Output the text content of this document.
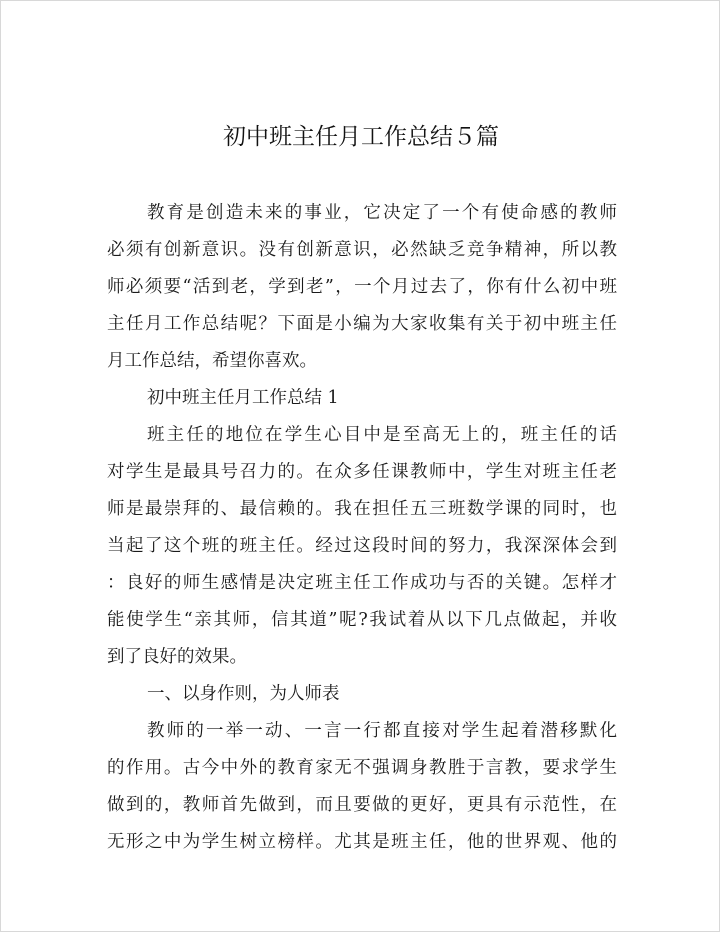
初中班主任月工作总结５篇
教育是创造未来的事业，它决定了一个有使命感的教师
必须有创新意识。没有创新意识，必然缺乏竞争精神，所以教
师必须要“活到老，学到老”，一个月过去了，你有什么初中班
主任月工作总结呢？下面是小编为大家收集有关于初中班主任
月工作总结，希望你喜欢。
初中班主任月工作总结 1
班主任的地位在学生心目中是至高无上的，班主任的话
对学生是最具号召力的。在众多任课教师中，学生对班主任老
师是最崇拜的、最信赖的。我在担任五三班数学课的同时，也
当起了这个班的班主任。经过这段时间的努力，我深深体会到
：良好的师生感情是决定班主任工作成功与否的关键。怎样才
能使学生“亲其师，信其道”呢?我试着从以下几点做起，并收
到了良好的效果。
一、以身作则，为人师表
教师的一举一动、一言一行都直接对学生起着潜移默化
的作用。古今中外的教育家无不强调身教胜于言教，要求学生
做到的，教师首先做到，而且要做的更好，更具有示范性，在
无形之中为学生树立榜样。尤其是班主任，他的世界观、他的
